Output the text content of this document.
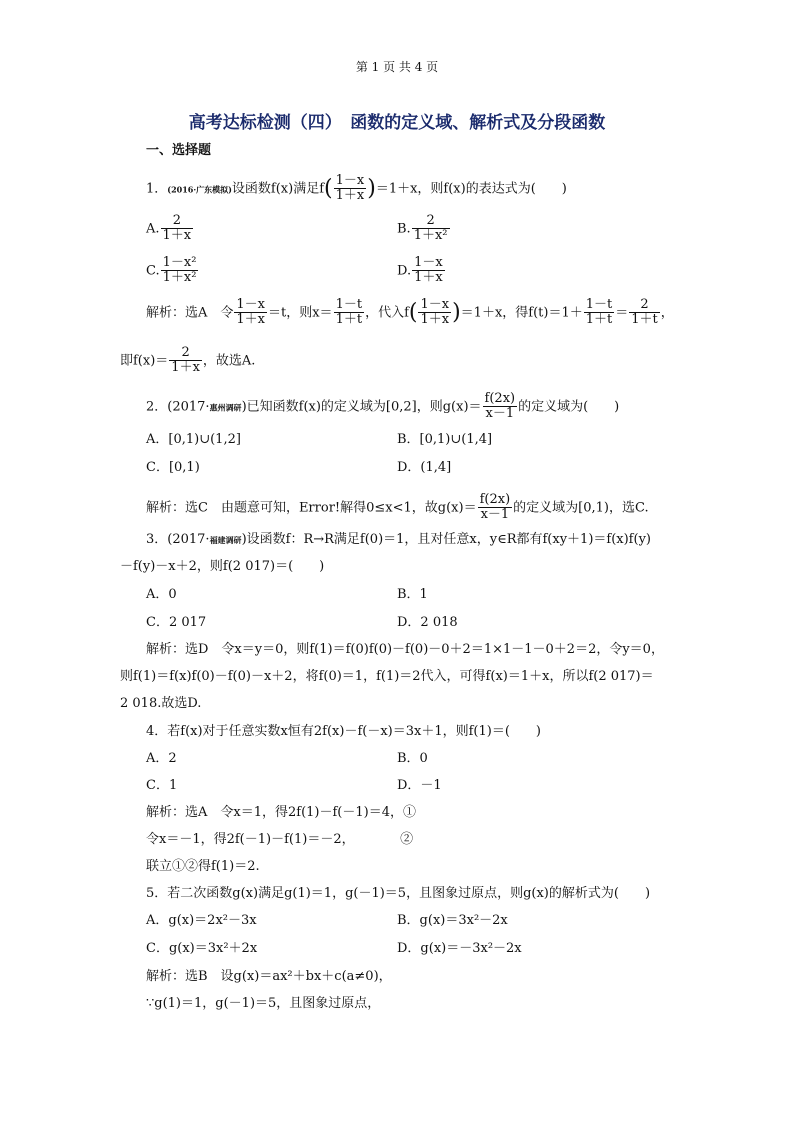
第 1 页 共 4 页
高考达标检测（四）　函数的定义域、解析式及分段函数
一、选择题
1．(2016·广东模拟)设函数f(x)满足$f( \frac{1-x}{1+x} )=1+x$，则f(x)的表达式为(　　)
A. $\frac{2}{1+x}$	B. $\frac{2}{\text{1＋x²}}$
C. $\frac{\text{1－x²}}{\text{1＋x²}}$	D. $\frac{1-x}{1+x}$
解析：选A　令 $\frac{1-x}{1+x} =t$，则$x= \frac{1-t}{1+t}$ ，代入$f( \frac{1-x}{1+x} )=1+x$，得$f(t)=1+ \frac{1-t}{1+t} = \frac{2}{1+t}$ ，
即$f(x)= \frac{2}{1+x}$ ，故选A.
2．(2017·惠州调研)已知函数f(x)的定义域为[0,2]，则$g(x)= \frac{f(2x)}{x-1}$ 的定义域为(　　)
A．[0,1)∪(1,2]	B．[0,1)∪(1,4]
C．[0,1)	D．(1,4]
解析：选C　由题意可知，Error!解得0≤x<1，故$g(x)= \frac{f(2x)}{x-1}$ 的定义域为[0,1)，选C.
3．(2017·福建调研)设函数f：R→R满足f(0)＝1，且对任意x，y∈R都有f(xy＋1)＝f(x)f(y)
－f(y)－x＋2，则f(2 017)＝(　　)
A．0	B．1
C．2 017	D．2 018
解析：选D　令x＝y＝0，则f(1)＝f(0)f(0)－f(0)－0＋2＝1×1－1－0＋2＝2，令y＝0，
则f(1)＝f(x)f(0)－f(0)－x＋2，将f(0)＝1，f(1)＝2代入，可得f(x)＝1＋x，所以f(2 017)＝
2 018.故选D.
4．若f(x)对于任意实数x恒有2f(x)－f(－x)＝3x＋1，则f(1)＝(　　)
A．2	B．0
C．1	D．－1
解析：选A　令x＝1，得2f(1)－f(－1)＝4，①
令x＝－1，得2f(－1)－f(1)＝－2，　　　　②
联立①②得f(1)＝2.
5．若二次函数g(x)满足g(1)＝1，g(－1)＝5，且图象过原点，则g(x)的解析式为(　　)
A．g(x)＝2x²－3x	B．g(x)＝3x²－2x
C．g(x)＝3x²＋2x	D．g(x)＝－3x²－2x
解析：选B　设g(x)＝ax²＋bx＋c(a≠0)，
∵g(1)＝1，g(－1)＝5，且图象过原点，
